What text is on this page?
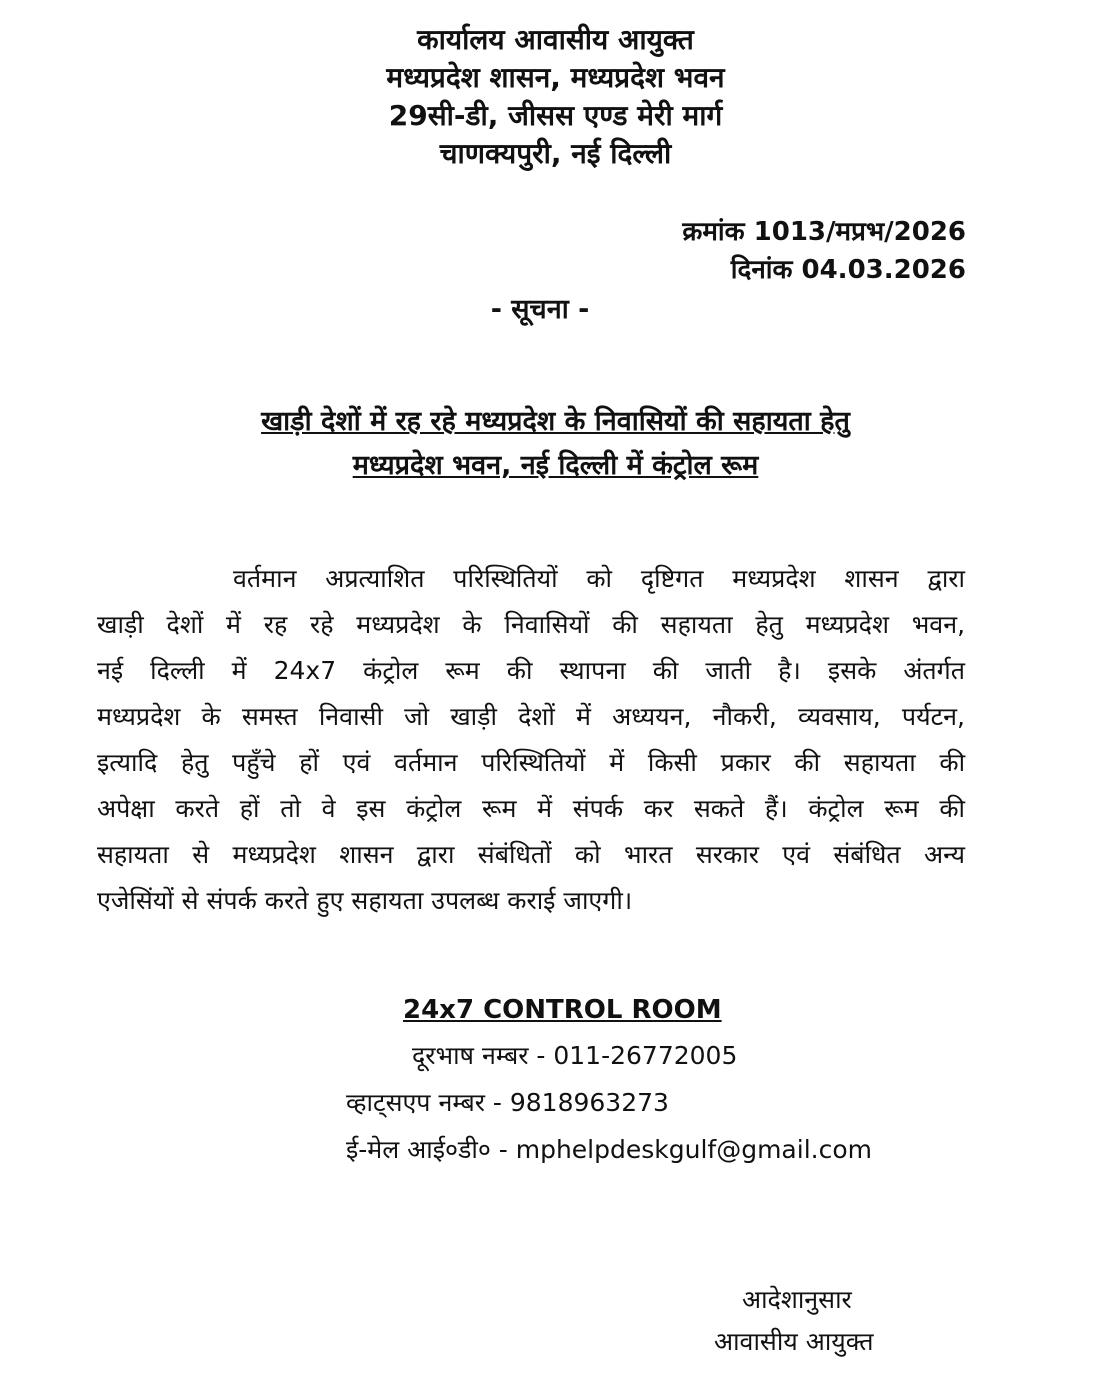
कार्यालय आवासीय आयुक्त
मध्यप्रदेश शासन, मध्यप्रदेश भवन
29सी-डी, जीसस एण्ड मेरी मार्ग
चाणक्यपुरी, नई दिल्ली
क्रमांक 1013/मप्रभ/2026
दिनांक 04.03.2026
- सूचना -
खाड़ी देशों में रह रहे मध्यप्रदेश के निवासियों की सहायता हेतु
मध्यप्रदेश भवन, नई दिल्ली में कंट्रोल रूम
वर्तमान अप्रत्याशित परिस्थितियों को दृष्टिगत मध्यप्रदेश शासन द्वारा
खाड़ी देशों में रह रहे मध्यप्रदेश के निवासियों की सहायता हेतु मध्यप्रदेश भवन,
नई दिल्ली में 24x7 कंट्रोल रूम की स्थापना की जाती है। इसके अंतर्गत
मध्यप्रदेश के समस्त निवासी जो खाड़ी देशों में अध्ययन, नौकरी, व्यवसाय, पर्यटन,
इत्यादि हेतु पहुँचे हों एवं वर्तमान परिस्थितियों में किसी प्रकार की सहायता की
अपेक्षा करते हों तो वे इस कंट्रोल रूम में संपर्क कर सकते हैं। कंट्रोल रूम की
सहायता से मध्यप्रदेश शासन द्वारा संबंधितों को भारत सरकार एवं संबंधित अन्य
एजेसिंयों से संपर्क करते हुए सहायता उपलब्ध कराई जाएगी।
24x7 CONTROL ROOM
दूरभाष नम्बर - 011-26772005
व्हाट्सएप नम्बर - 9818963273
ई-मेल आई०डी० - mphelpdeskgulf@gmail.com
आदेशानुसार
आवासीय आयुक्त
